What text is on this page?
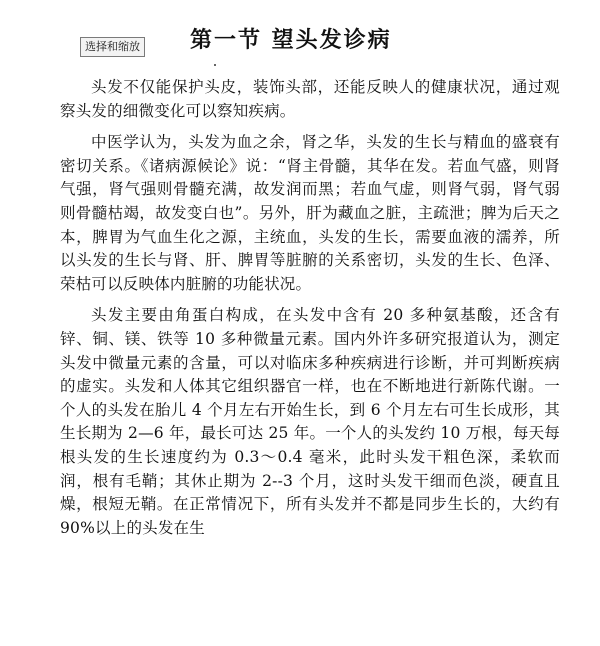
选择和缩放 第一节 望头发诊病

头发不仅能保护头皮，装饰头部，还能反映人的健康状况，通过观察头发的细微变化可以察知疾病。

中医学认为，头发为血之余，肾之华，头发的生长与精血的盛衰有密切关系。《诸病源候论》说：“肾主骨髓，其华在发。若血气盛，则肾气强，肾气强则骨髓充满，故发润而黑；若血气虚，则肾气弱，肾气弱则骨髓枯竭，故发变白也”。另外，肝为藏血之脏，主疏泄；脾为后天之本，脾胃为气血生化之源，主统血，头发的生长，需要血液的濡养，所以头发的生长与肾、肝、脾胃等脏腑的关系密切，头发的生长、色泽、荣枯可以反映体内脏腑的功能状况。

头发主要由角蛋白构成，在头发中含有 20 多种氨基酸，还含有锌、铜、镁、铁等 10 多种微量元素。国内外许多研究报道认为，测定头发中微量元素的含量，可以对临床多种疾病进行诊断，并可判断疾病的虚实。头发和人体其它组织器官一样，也在不断地进行新陈代谢。一个人的头发在胎儿 4 个月左右开始生长，到 6 个月左右可生长成形，其生长期为 2—6 年，最长可达 25 年。一个人的头发约 10 万根，每天每根头发的生长速度约为 0.3～0.4 毫米，此时头发干粗色深，柔软而润，根有毛鞘；其休止期为 2--3 个月，这时头发干细而色淡，硬直且燥，根短无鞘。在正常情况下，所有头发并不都是同步生长的，大约有 90%以上的头发在生
